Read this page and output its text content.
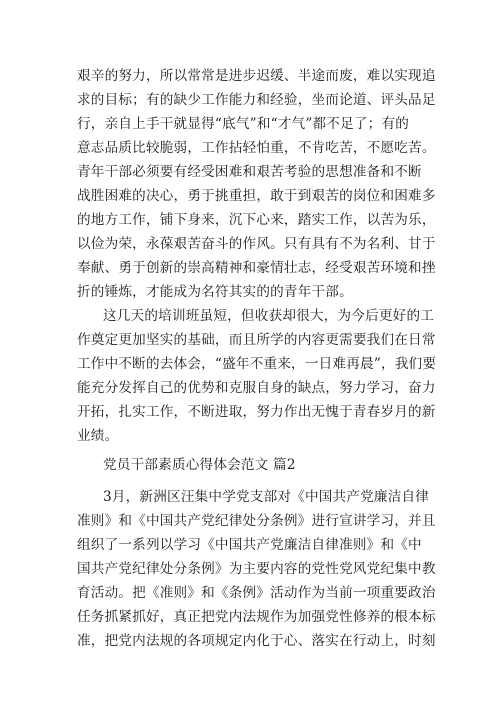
艰辛的努力，所以常常是进步迟缓、半途而废，难以实现追
求的目标；有的缺少工作能力和经验，坐而论道、评头品足
行，亲自上手干就显得“底气”和“才气”都不足了；有的
意志品质比较脆弱，工作拈轻怕重，不肯吃苦，不愿吃苦。
青年干部必须要有经受困难和艰苦考验的思想准备和不断
战胜困难的决心，勇于挑重担，敢于到艰苦的岗位和困难多
的地方工作，铺下身来，沉下心来，踏实工作，以苦为乐，
以俭为荣，永葆艰苦奋斗的作风。只有具有不为名利、甘于
奉献、勇于创新的崇高精神和豪情壮志，经受艰苦环境和挫
折的锤炼，才能成为名符其实的的青年干部。
这几天的培训班虽短，但收获却很大，为今后更好的工
作奠定更加坚实的基础，而且所学的内容更需要我们在日常
工作中不断的去体会，“盛年不重来，一日难再晨”，我们要
能充分发挥自己的优势和克服自身的缺点，努力学习，奋力
开拓，扎实工作，不断进取，努力作出无愧于青春岁月的新
业绩。
党员干部素质心得体会范文 篇2
3月，新洲区汪集中学党支部对《中国共产党廉洁自律
准则》和《中国共产党纪律处分条例》进行宣讲学习，并且
组织了一系列以学习《中国共产党廉洁自律准则》和《中
国共产党纪律处分条例》为主要内容的党性党风党纪集中教
育活动。把《准则》和《条例》活动作为当前一项重要政治
任务抓紧抓好，真正把党内法规作为加强党性修养的根本标
准，把党内法规的各项规定内化于心、落实在行动上，时刻
